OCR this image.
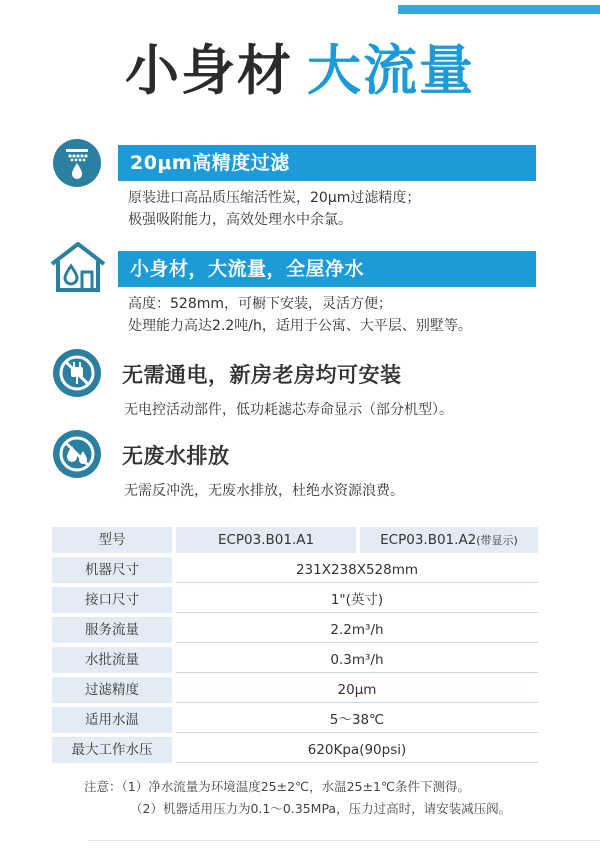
小身材 大流量
20μm高精度过滤
原装进口高品质压缩活性炭，20μm过滤精度；
极强吸附能力，高效处理水中余氯。
小身材，大流量，全屋净水
高度：528mm，可橱下安装，灵活方便；
处理能力高达2.2吨/h，适用于公寓、大平层、别墅等。
无需通电，新房老房均可安装
无电控活动部件，低功耗滤芯寿命显示（部分机型）。
无废水排放
无需反冲洗，无废水排放，杜绝水资源浪费。
型号	ECP03.B01.A1	ECP03.B01.A2(带显示)
机器尺寸	231X238X528mm
接口尺寸	1"(英寸)
服务流量	2.2m³/h
水批流量	0.3m³/h
过滤精度	20μm
适用水温	5～38℃
最大工作水压	620Kpa(90psi)
注意：（1）净水流量为环境温度25±2℃，水温25±1℃条件下测得。
（2）机器适用压力为0.1～0.35MPa，压力过高时，请安装减压阀。
